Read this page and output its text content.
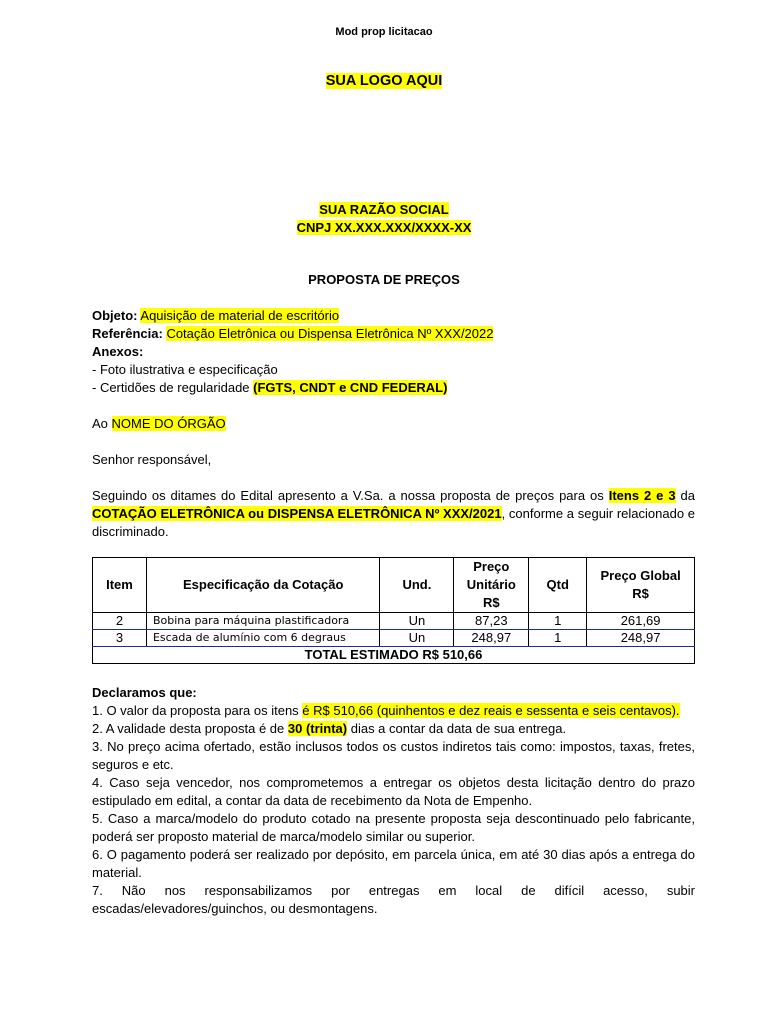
Mod prop licitacao
SUA LOGO AQUI
SUA RAZÃO SOCIAL
CNPJ XX.XXX.XXX/XXXX-XX
PROPOSTA DE PREÇOS
Objeto: Aquisição de material de escritório
Referência: Cotação Eletrônica ou Dispensa Eletrônica Nº XXX/2022
Anexos:
- Foto ilustrativa e especificação
- Certidões de regularidade (FGTS, CNDT e CND FEDERAL)
Ao NOME DO ÓRGÃO
Senhor responsável,
Seguindo os ditames do Edital apresento a V.Sa. a nossa proposta de preços para os Itens 2 e 3 da COTAÇÃO ELETRÔNICA ou DISPENSA ELETRÔNICA Nº XXX/2021, conforme a seguir relacionado e discriminado.
Item	Especificação da Cotação	Und.	Preço Unitário R$	Qtd	Preço Global R$
2	Bobina para máquina plastificadora	Un	87,23	1	261,69
3	Escada de alumínio com 6 degraus	Un	248,97	1	248,97
TOTAL ESTIMADO R$ 510,66					
Declaramos que:
1. O valor da proposta para os itens é R$ 510,66 (quinhentos e dez reais e sessenta e seis centavos).
2. A validade desta proposta é de 30 (trinta) dias a contar da data de sua entrega.
3. No preço acima ofertado, estão inclusos todos os custos indiretos tais como: impostos, taxas, fretes, seguros e etc.
4. Caso seja vencedor, nos comprometemos a entregar os objetos desta licitação dentro do prazo estipulado em edital, a contar da data de recebimento da Nota de Empenho.
5. Caso a marca/modelo do produto cotado na presente proposta seja descontinuado pelo fabricante, poderá ser proposto material de marca/modelo similar ou superior.
6. O pagamento poderá ser realizado por depósito, em parcela única, em até 30 dias após a entrega do material.
7. Não nos responsabilizamos por entregas em local de difícil acesso, subir escadas/elevadores/guinchos, ou desmontagens.
